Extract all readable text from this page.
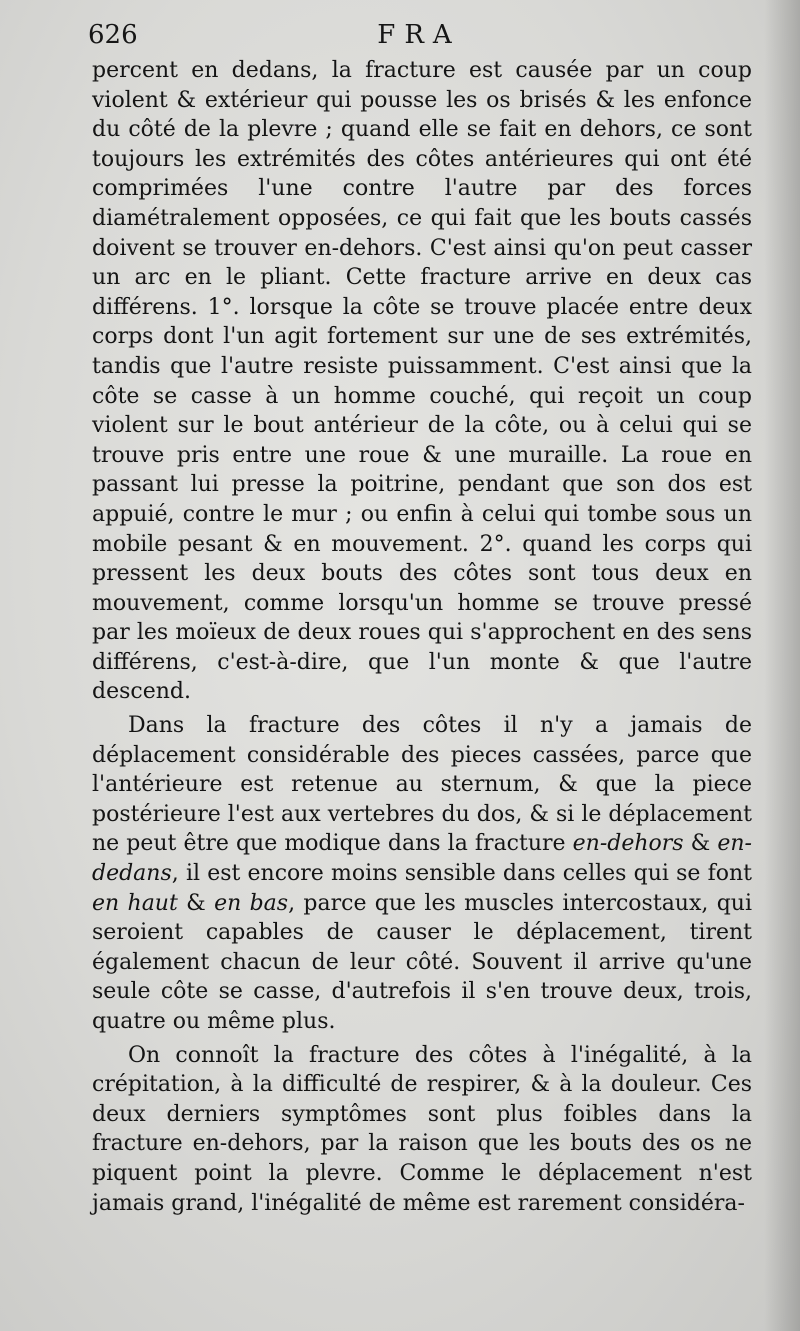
626	FRA

percent en dedans, la fracture est causée par un coup violent & extérieur qui pousse les os brisés & les enfonce du côté de la plevre ; quand elle se fait en dehors, ce sont toujours les extrémités des côtes antérieures qui ont été comprimées l'une contre l'autre par des forces diamétralement opposées, ce qui fait que les bouts cassés doivent se trouver en-dehors. C'est ainsi qu'on peut casser un arc en le pliant. Cette fracture arrive en deux cas différens. 1°. lorsque la côte se trouve placée entre deux corps dont l'un agit fortement sur une de ses extrémités, tandis que l'autre resiste puissamment. C'est ainsi que la côte se casse à un homme couché, qui reçoit un coup violent sur le bout antérieur de la côte, ou à celui qui se trouve pris entre une roue & une muraille. La roue en passant lui presse la poitrine, pendant que son dos est appuié, contre le mur ; ou enfin à celui qui tombe sous un mobile pesant & en mouvement. 2°. quand les corps qui pressent les deux bouts des côtes sont tous deux en mouvement, comme lorsqu'un homme se trouve pressé par les moïeux de deux roues qui s'approchent en des sens différens, c'est-à-dire, que l'un monte & que l'autre descend.

Dans la fracture des côtes il n'y a jamais de déplacement considérable des pieces cassées, parce que l'antérieure est retenue au sternum, & que la piece postérieure l'est aux vertebres du dos, & si le déplacement ne peut être que modique dans la fracture en-dehors & en-dedans, il est encore moins sensible dans celles qui se font en haut & en bas, parce que les muscles intercostaux, qui seroient capables de causer le déplacement, tirent également chacun de leur côté. Souvent il arrive qu'une seule côte se casse, d'autrefois il s'en trouve deux, trois, quatre ou même plus.

On connoît la fracture des côtes à l'inégalité, à la crépitation, à la difficulté de respirer, & à la douleur. Ces deux derniers symptômes sont plus foibles dans la fracture en-dehors, par la raison que les bouts des os ne piquent point la plevre. Comme le déplacement n'est jamais grand, l'inégalité de même est rarement considéra-
